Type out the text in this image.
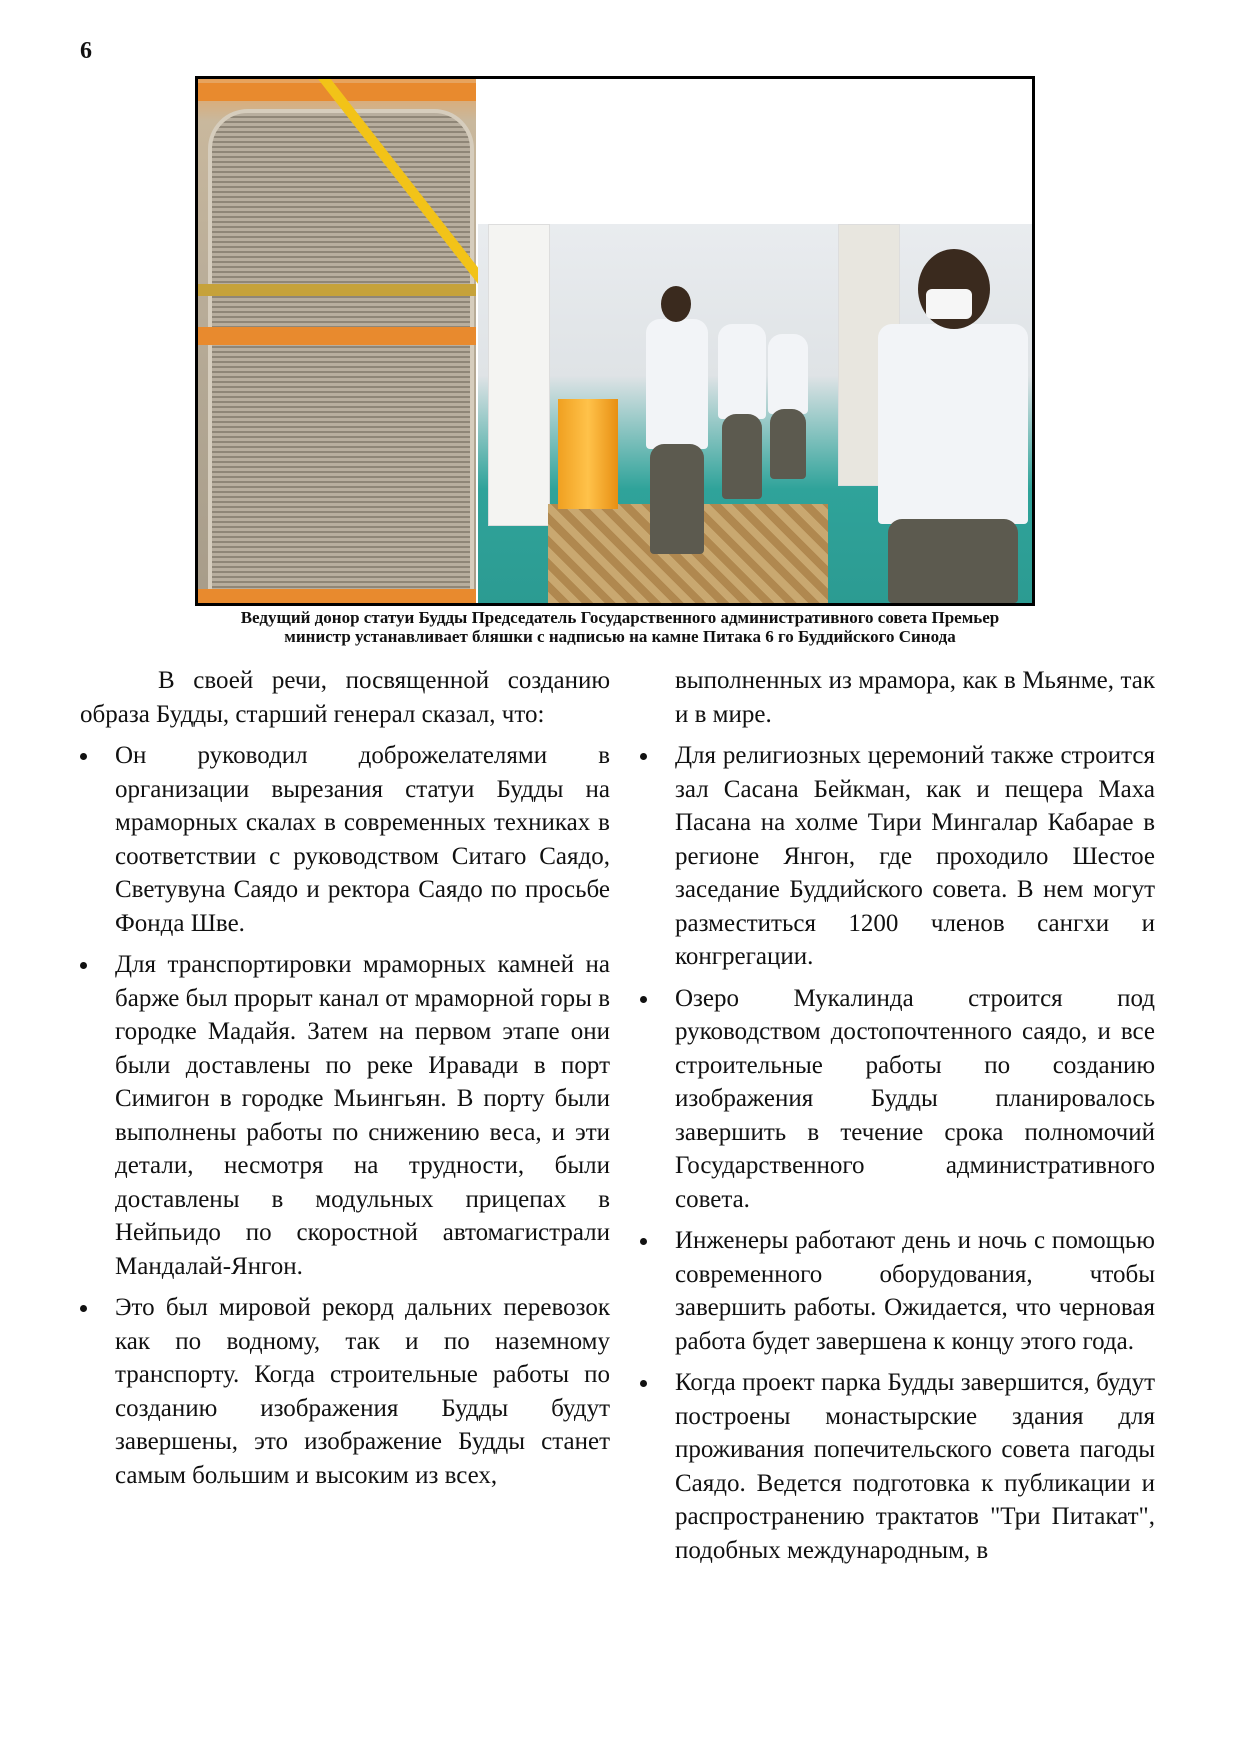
6
Ведущий донор статуи Будды Председатель Государственного административного совета Премьер
министр устанавливает бляшки с надписью на камне Питака 6 го Буддийского Синода

В своей речи, посвященной созданию образа Будды, старший генерал сказал, что:

Он руководил доброжелателями в организации вырезания статуи Будды на мраморных скалах в современных техниках в соответствии с руководством Ситаго Саядо, Светувуна Саядо и ректора Саядо по просьбе Фонда Шве.
Для транспортировки мраморных камней на барже был прорыт канал от мраморной горы в городке Мадайя. Затем на первом этапе они были доставлены по реке Иравади в порт Симигон в городке Мьингьян. В порту были выполнены работы по снижению веса, и эти детали, несмотря на трудности, были доставлены в модульных прицепах в Нейпьидо по скоростной автомагистрали Мандалай-Янгон.
Это был мировой рекорд дальних перевозок как по водному, так и по наземному транспорту. Когда строительные работы по созданию изображения Будды будут завершены, это изображение Будды станет самым большим и высоким из всех,

выполненных из мрамора, как в Мьянме, так и в мире.

Для религиозных церемоний также строится зал Сасана Бейкман, как и пещера Маха Пасана на холме Тири Мингалар Кабарае в регионе Янгон, где проходило Шестое заседание Буддийского совета. В нем могут разместиться 1200 членов сангхи и конгрегации.
Озеро Мукалинда строится под руководством достопочтенного саядо, и все строительные работы по созданию изображения Будды планировалось завершить в течение срока полномочий Государственного административного совета.
Инженеры работают день и ночь с помощью современного оборудования, чтобы завершить работы. Ожидается, что черновая работа будет завершена к концу этого года.
Когда проект парка Будды завершится, будут построены монастырские здания для проживания попечительского совета пагоды Саядо. Ведется подготовка к публикации и распространению трактатов "Три Питакат", подобных международным, в
